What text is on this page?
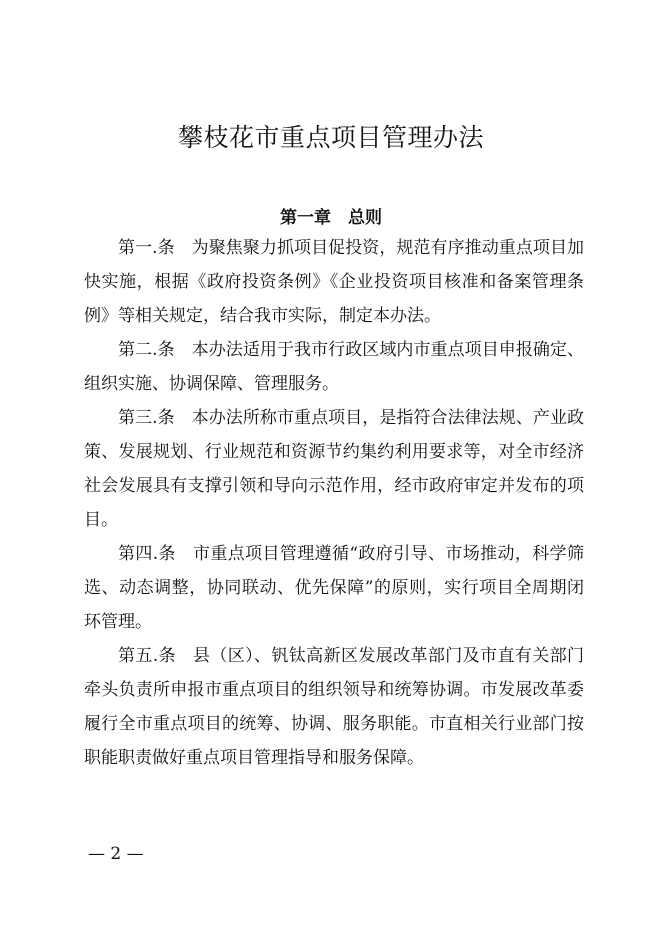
攀枝花市重点项目管理办法
第一章　总则

第一.条 为聚焦聚力抓项目促投资，规范有序推动重点项目加快实施，根据《政府投资条例》《企业投资项目核准和备案管理条例》等相关规定，结合我市实际，制定本办法。

第二.条 本办法适用于我市行政区域内市重点项目申报确定、组织实施、协调保障、管理服务。

第三.条 本办法所称市重点项目，是指符合法律法规、产业政策、发展规划、行业规范和资源节约集约利用要求等，对全市经济社会发展具有支撑引领和导向示范作用，经市政府审定并发布的项目。

第四.条 市重点项目管理遵循“政府引导、市场推动，科学筛选、动态调整，协同联动、优先保障”的原则，实行项目全周期闭环管理。

第五.条 县（区）、钒钛高新区发展改革部门及市直有关部门牵头负责所申报市重点项目的组织领导和统筹协调。市发展改革委履行全市重点项目的统筹、协调、服务职能。市直相关行业部门按职能职责做好重点项目管理指导和服务保障。

— 2 —
